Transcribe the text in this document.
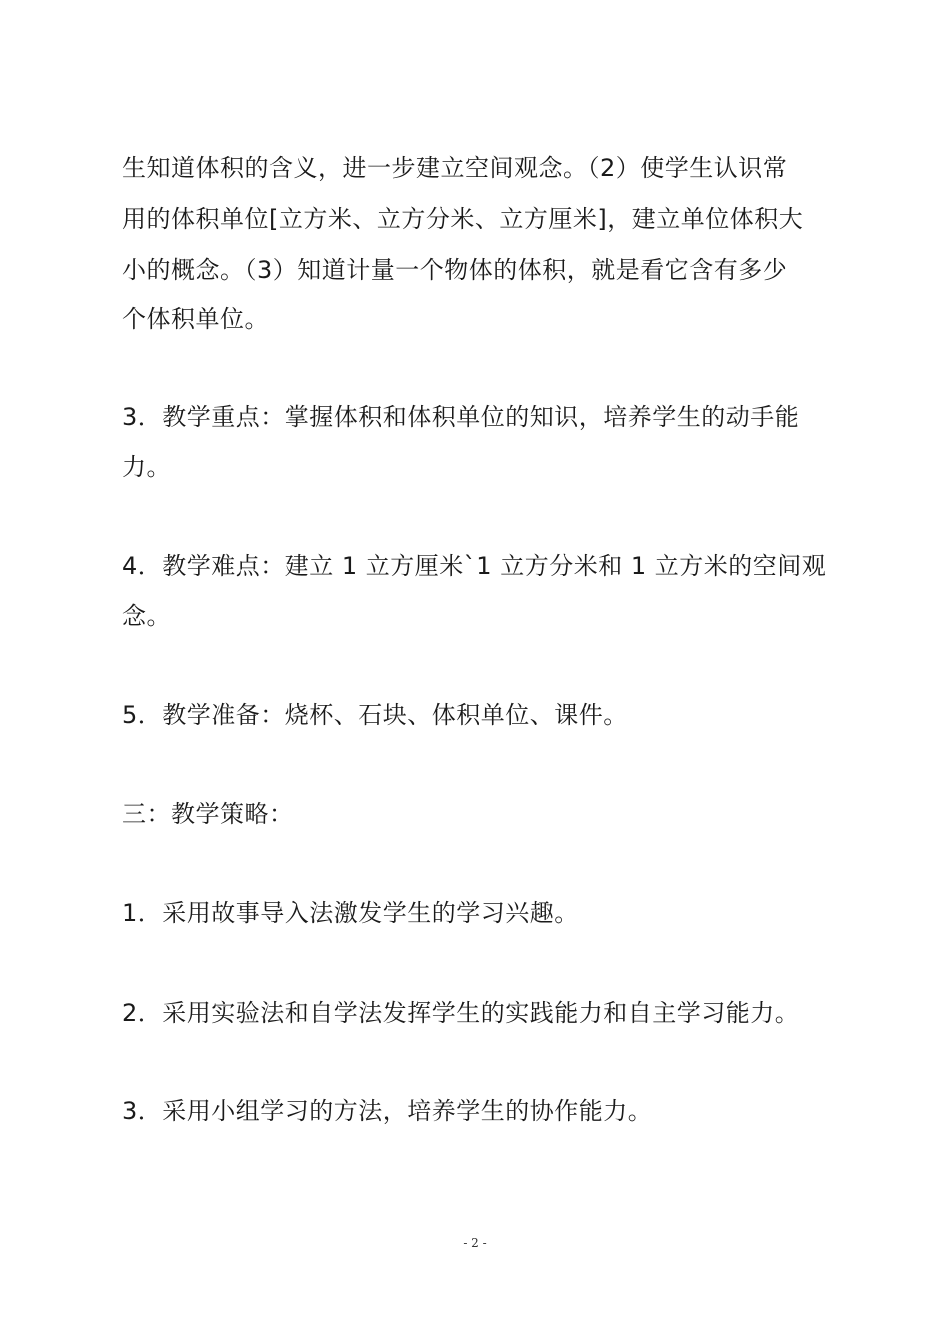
生知道体积的含义，进一步建立空间观念。（2）使学生认识常
用的体积单位[立方米、立方分米、立方厘米]，建立单位体积大
小的概念。（3）知道计量一个物体的体积，就是看它含有多少
个体积单位。
3．教学重点：掌握体积和体积单位的知识，培养学生的动手能
力。
4．教学难点：建立 1 立方厘米`1 立方分米和 1 立方米的空间观
念。
5．教学准备：烧杯、石块、体积单位、课件。
三：教学策略：
1．采用故事导入法激发学生的学习兴趣。
2．采用实验法和自学法发挥学生的实践能力和自主学习能力。
3．采用小组学习的方法，培养学生的协作能力。
- 2 -
